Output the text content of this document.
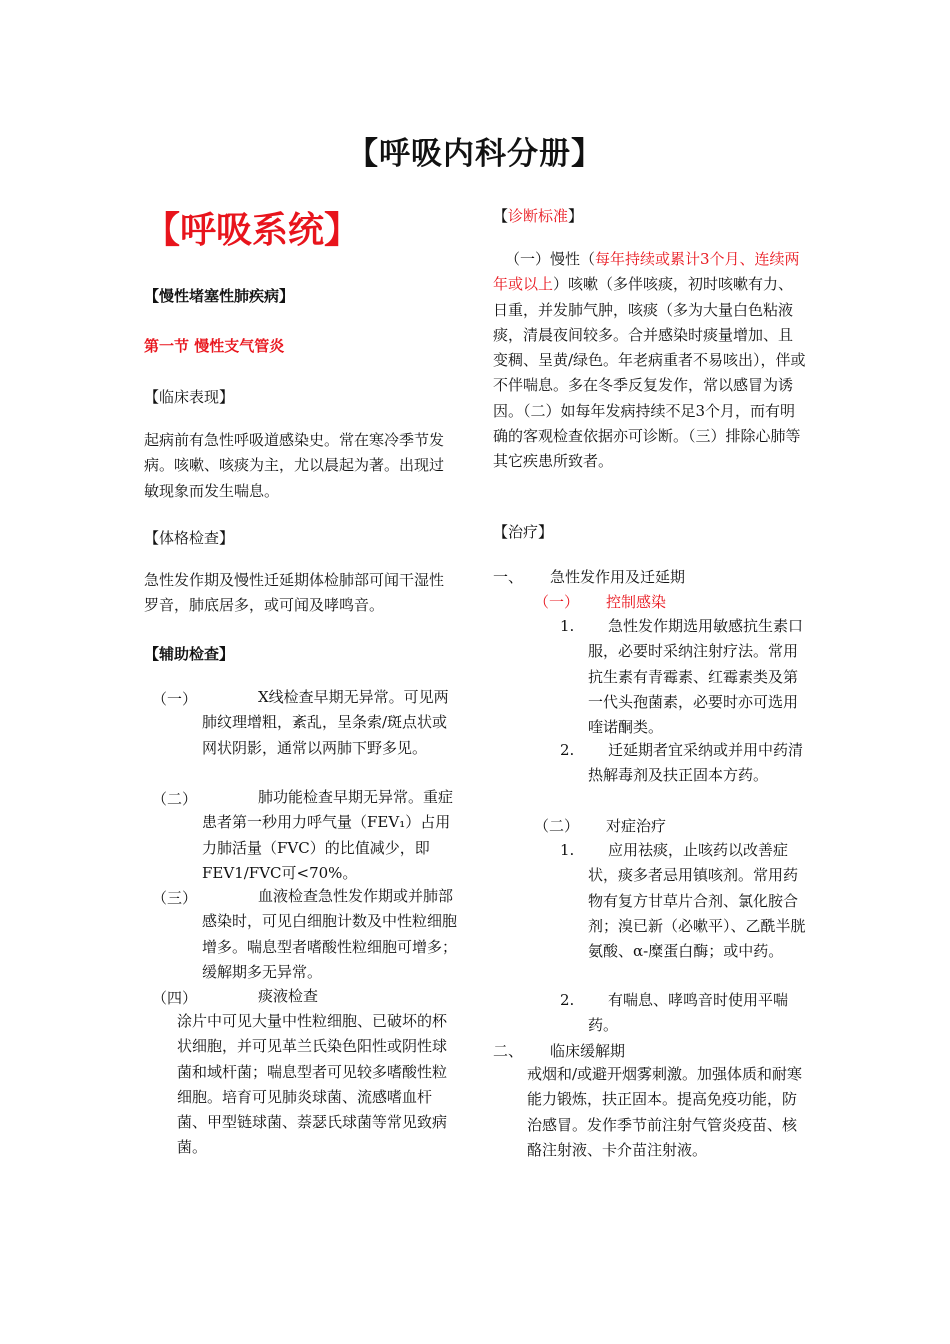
【呼吸内科分册】
【呼吸系统】
【慢性堵塞性肺疾病】
第一节 慢性支气管炎
【临床表现】
起病前有急性呼吸道感染史。常在寒冷季节发病。咳嗽、咳痰为主，尤以晨起为著。出现过敏现象而发生喘息。
【体格检查】
急性发作期及慢性迁延期体检肺部可闻干湿性罗音，肺底居多，或可闻及哮鸣音。
【辅助检查】
（一）	X线检查早期无异常。可见两肺纹理增粗，紊乱，呈条索/斑点状或网状阴影，通常以两肺下野多见。
（二）	肺功能检查早期无异常。重症患者第一秒用力呼气量（FEV₁）占用力肺活量（FVC）的比值减少，即FEV1/FVC可<70%。
（三）	血液检查急性发作期或并肺部感染时，可见白细胞计数及中性粒细胞增多。喘息型者嗜酸性粒细胞可增多；缓解期多无异常。
（四）	痰液检查
涂片中可见大量中性粒细胞、已破坏的杯状细胞，并可见革兰氏染色阳性或阴性球菌和域杆菌；喘息型者可见较多嗜酸性粒细胞。培育可见肺炎球菌、流感嗜血杆菌、甲型链球菌、萘瑟氏球菌等常见致病菌。
【诊断标准】
（一）慢性（每年持续或累计3个月、连续两年或以上）咳嗽（多伴咳痰，初时咳嗽有力、日重，并发肺气肿，咳痰（多为大量白色粘液痰，清晨夜间较多。合并感染时痰量增加、且变稠、呈黄/绿色。年老病重者不易咳出），伴或不伴喘息。多在冬季反复发作，常以感冒为诱因。（二）如每年发病持续不足3个月，而有明确的客观检查依据亦可诊断。（三）排除心肺等其它疾患所致者。
【治疗】
一、 急性发作用及迁延期
（一） 控制感染
1.	急性发作期选用敏感抗生素口服，必要时采纳注射疗法。常用抗生素有青霉素、红霉素类及第一代头孢菌素，必要时亦可选用喹诺酮类。
2.	迁延期者宜采纳或并用中药清热解毒剂及扶正固本方药。
（二） 对症治疗
1.	应用祛痰，止咳药以改善症状，痰多者忌用镇咳剂。常用药物有复方甘草片合剂、氯化胺合剂；溴已新（必嗽平）、乙酰半胱氨酸、α-糜蛋白酶；或中药。
2.	有喘息、哮鸣音时使用平喘药。
二、 临床缓解期
戒烟和/或避开烟雾刺激。加强体质和耐寒能力锻炼，扶正固本。提高免疫功能，防治感冒。发作季节前注射气管炎疫苗、核酪注射液、卡介苗注射液。
